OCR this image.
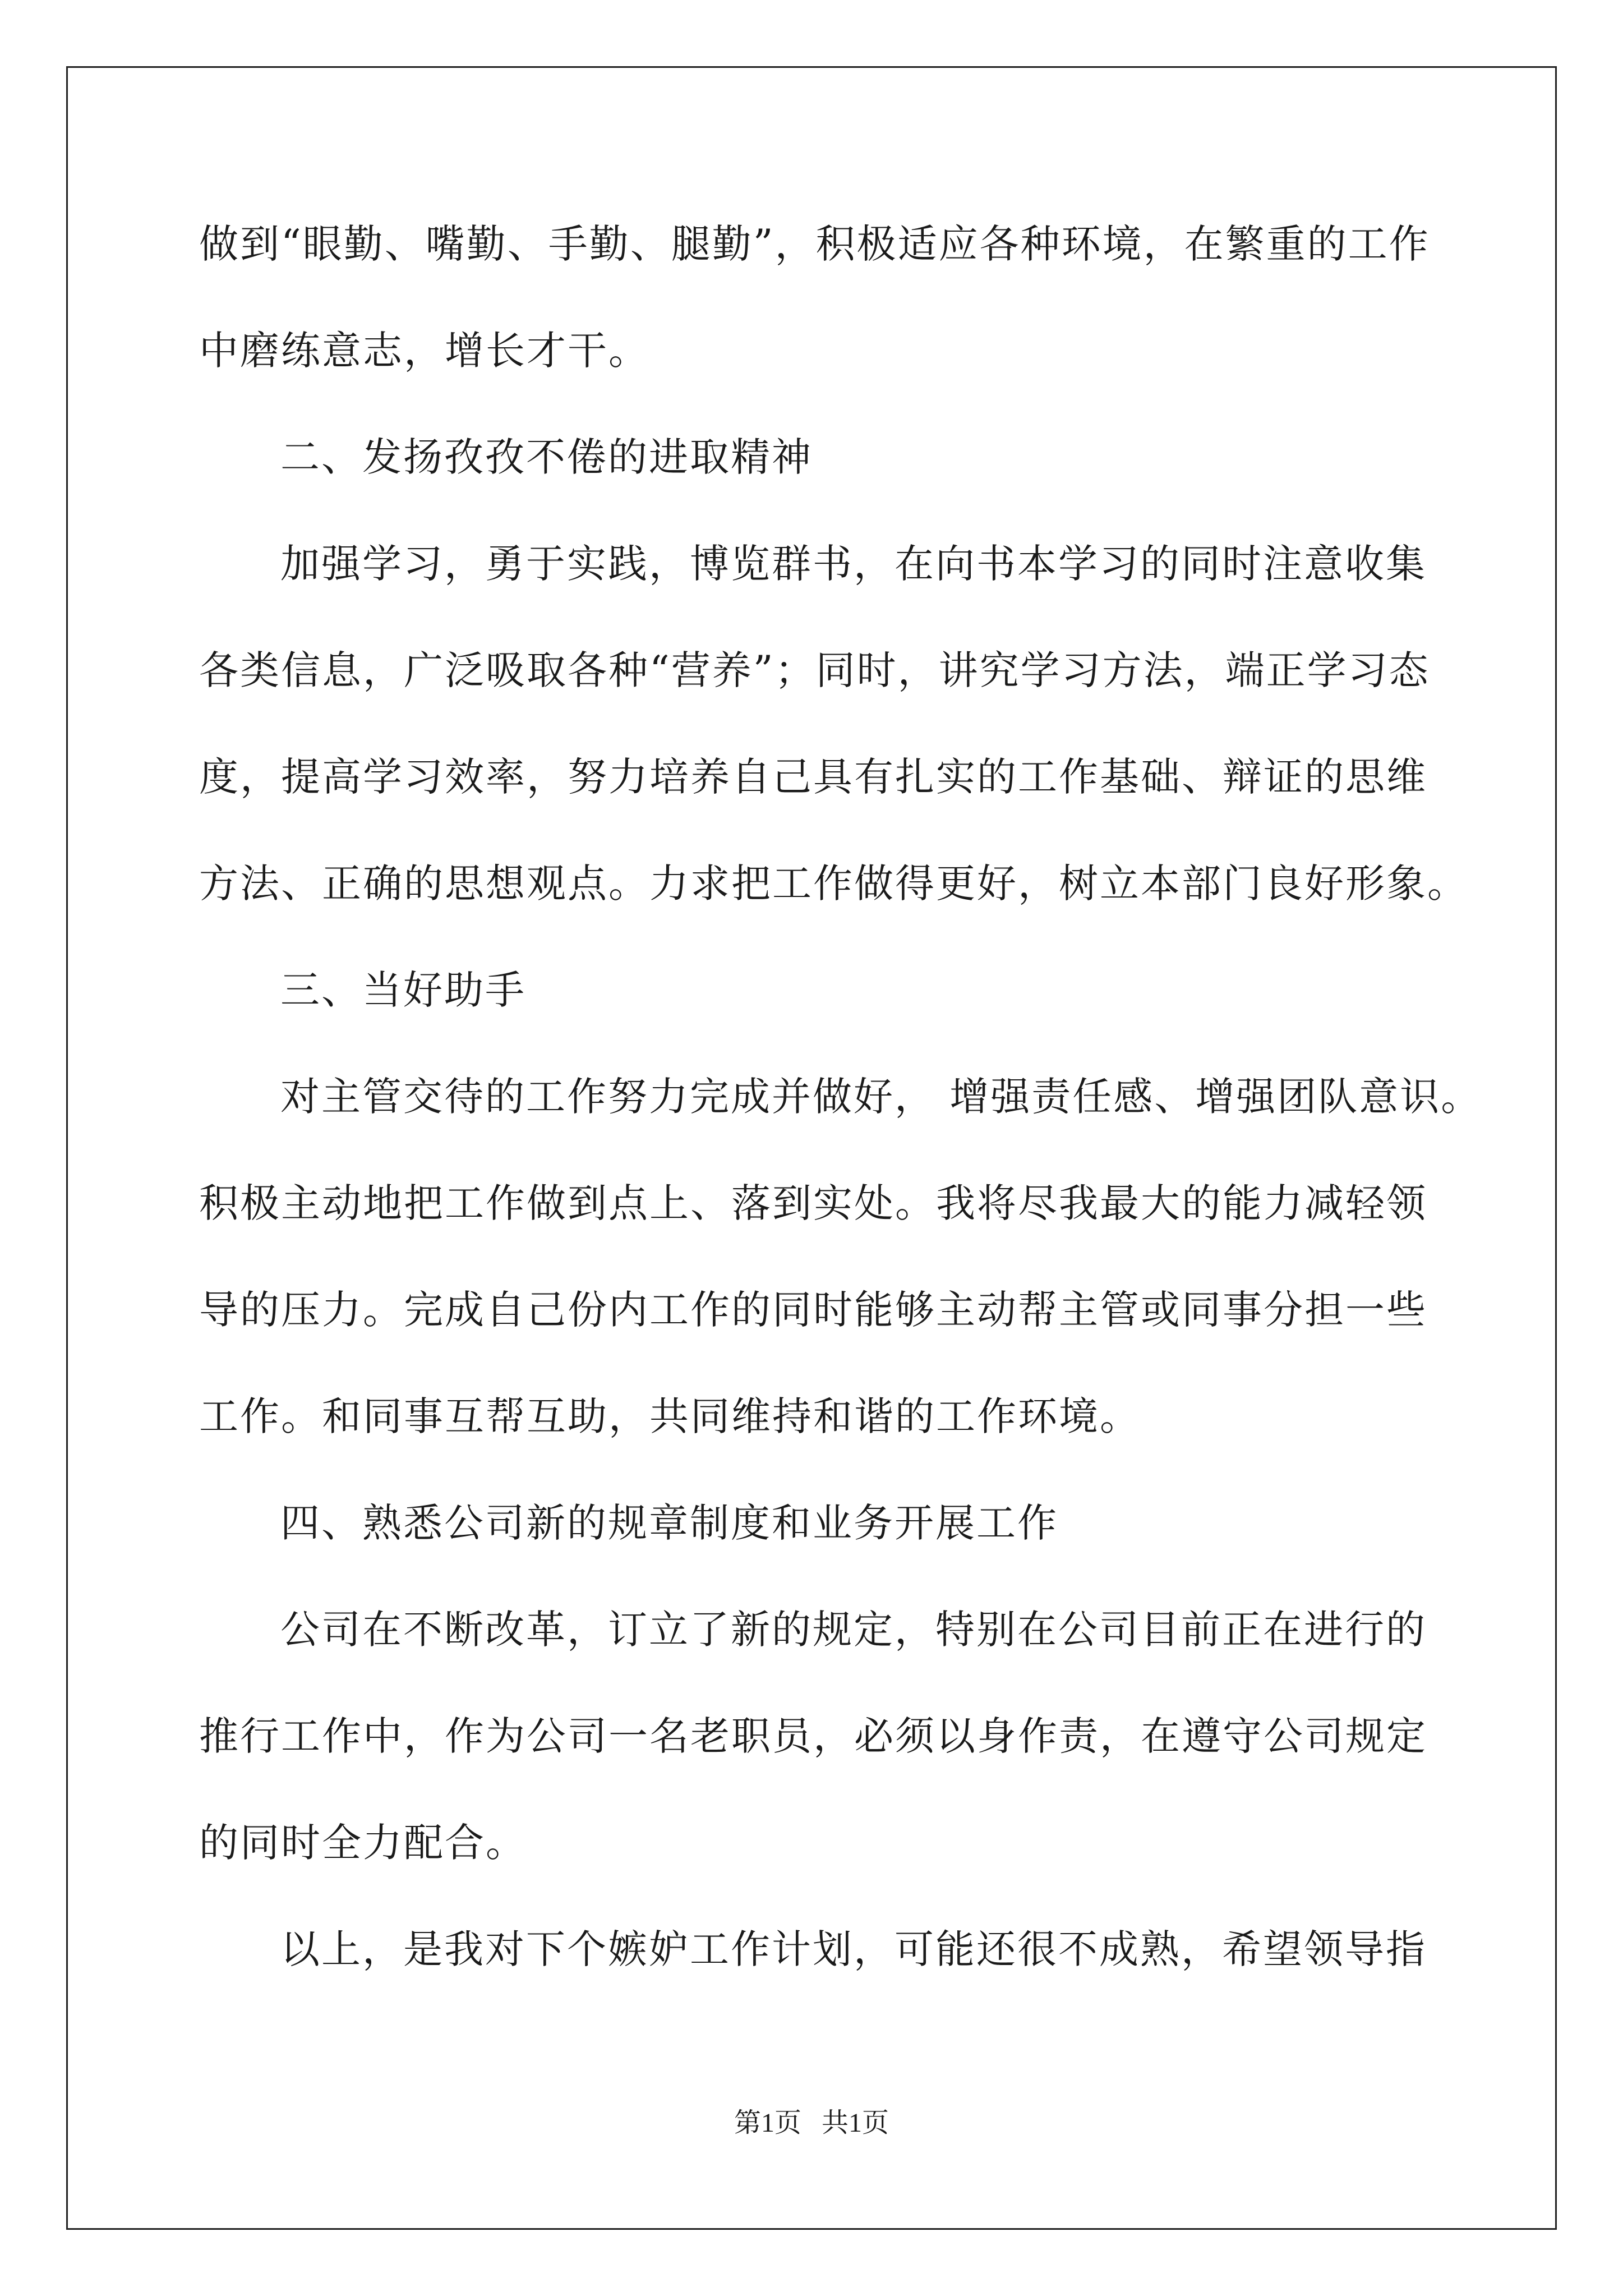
做到“眼勤、嘴勤、手勤、腿勤”，积极适应各种环境，在繁重的工作
中磨练意志，增长才干。
二、发扬孜孜不倦的进取精神
加强学习，勇于实践，博览群书，在向书本学习的同时注意收集
各类信息，广泛吸取各种“营养”；同时，讲究学习方法，端正学习态
度，提高学习效率，努力培养自己具有扎实的工作基础、辩证的思维
方法、正确的思想观点。力求把工作做得更好，树立本部门良好形象。
三、当好助手
对主管交待的工作努力完成并做好， 增强责任感、增强团队意识。
积极主动地把工作做到点上、落到实处。我将尽我最大的能力减轻领
导的压力。完成自己份内工作的同时能够主动帮主管或同事分担一些
工作。和同事互帮互助，共同维持和谐的工作环境。
四、熟悉公司新的规章制度和业务开展工作
公司在不断改革，订立了新的规定，特别在公司目前正在进行的
推行工作中，作为公司一名老职员，必须以身作责，在遵守公司规定
的同时全力配合。
以上，是我对下个嫉妒工作计划，可能还很不成熟，希望领导指
第1页 共1页
